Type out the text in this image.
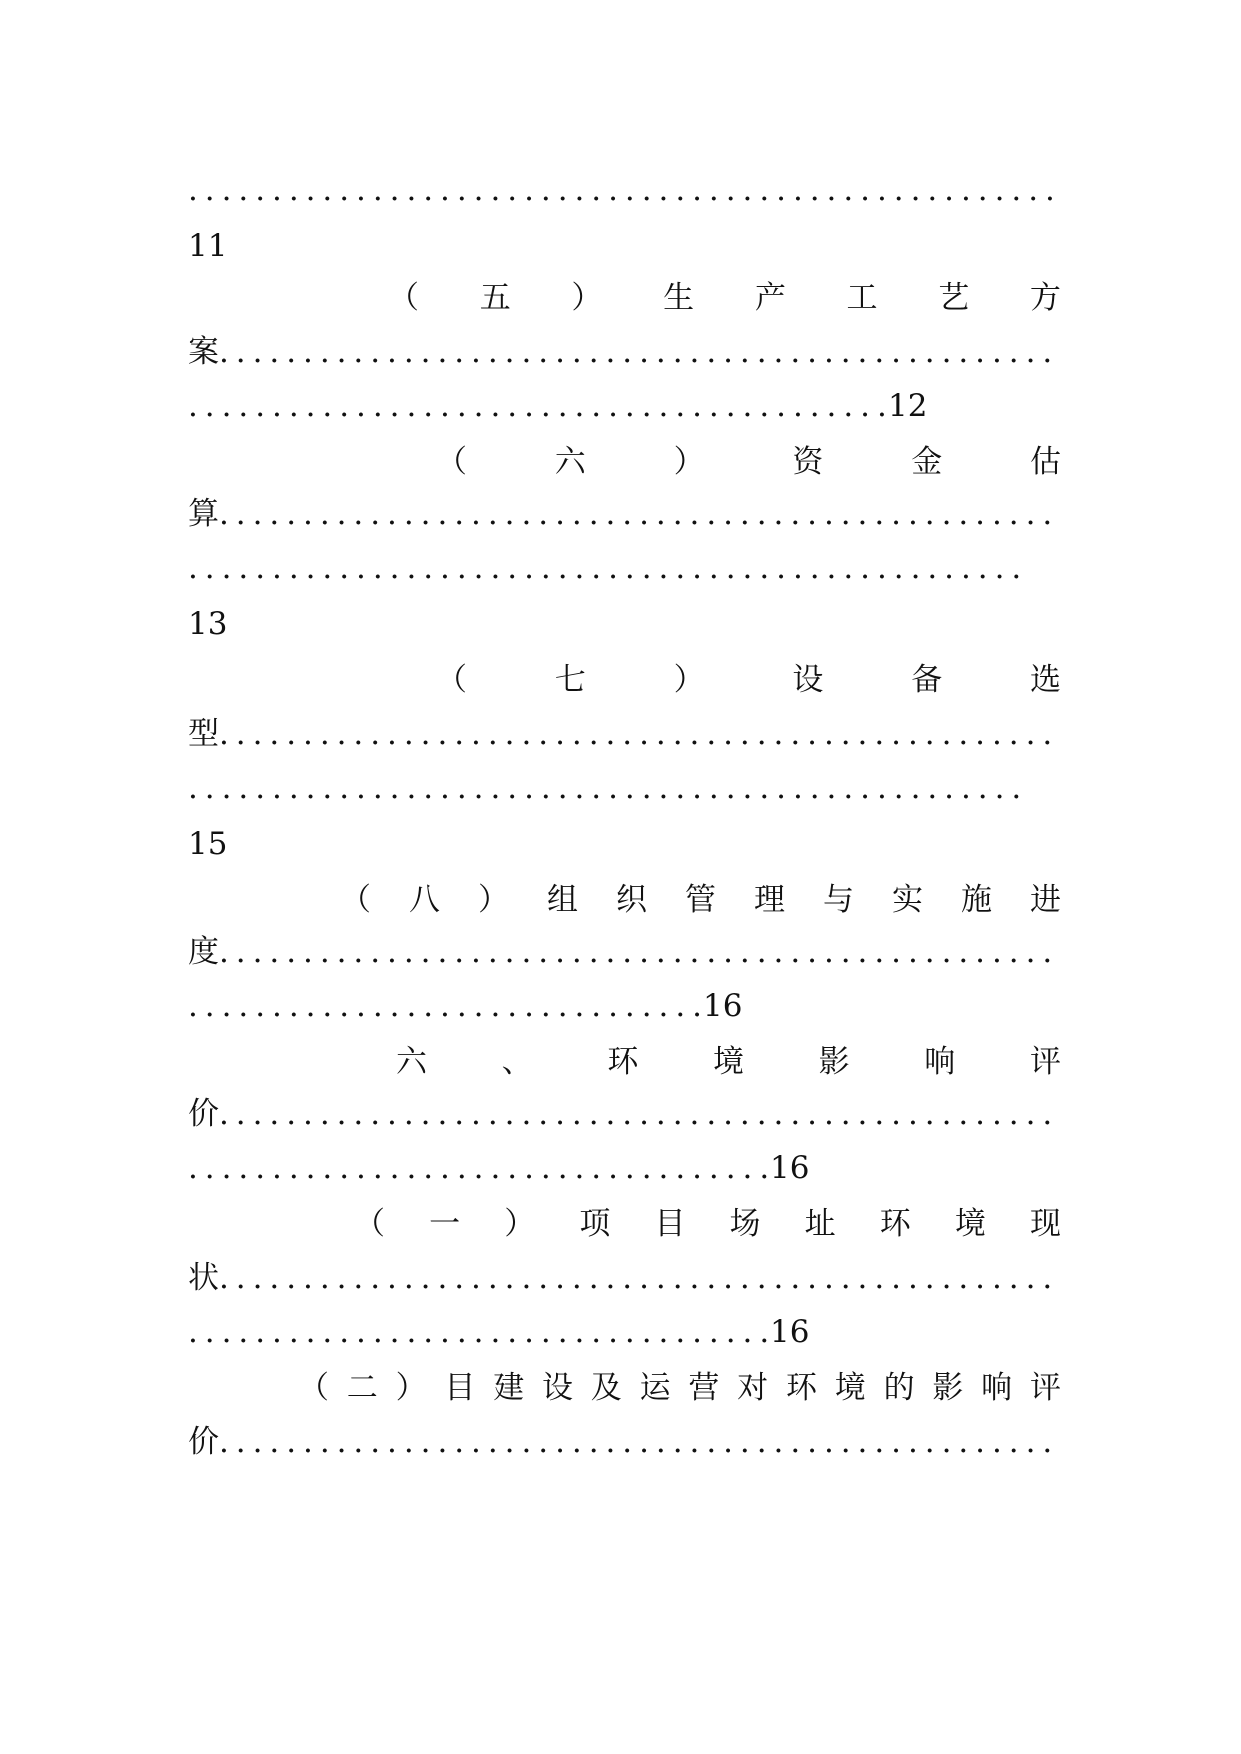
.....
11
（ 五 ） 生 产 工 艺 方
案 .....
.....12
（	六	）	资	金	估
算 .....
.....
13
（	七	）	设	备	选
型 .....
.....
15
（ 八 ） 组 织 管 理 与 实 施 进
度 .....
.....16
六 、 环 境 影 响 评
价 .....
.....16
（ 一 ） 项 目 场 址 环 境 现
状 .....
.....16
（ 二 ） 目 建 设 及 运 营 对 环 境 的 影 响 评
价 .....
